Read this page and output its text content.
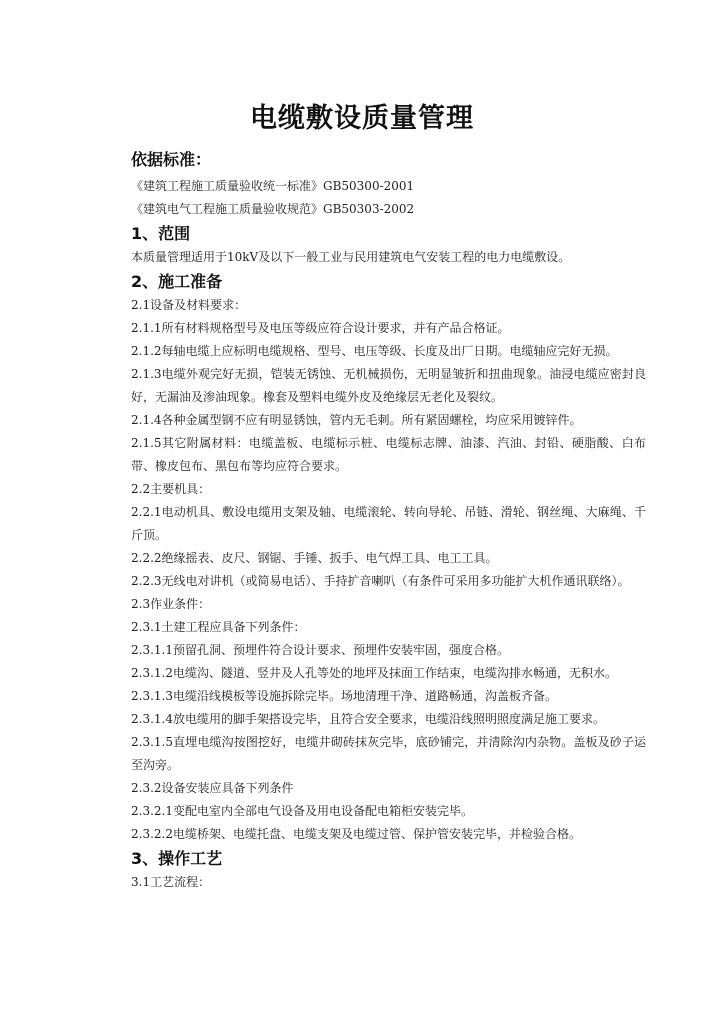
电缆敷设质量管理
依据标准：
《建筑工程施工质量验收统一标准》GB50300-2001
《建筑电气工程施工质量验收规范》GB50303-2002
1、范围
本质量管理适用于10kV及以下一般工业与民用建筑电气安装工程的电力电缆敷设。
2、施工准备
2.1设备及材料要求：
2.1.1所有材料规格型号及电压等级应符合设计要求，并有产品合格证。
2.1.2每轴电缆上应标明电缆规格、型号、电压等级、长度及出厂日期。电缆轴应完好无损。
2.1.3电缆外观完好无损，铠装无锈蚀、无机械损伤，无明显皱折和扭曲现象。油浸电缆应密封良好，无漏油及渗油现象。橡套及塑料电缆外皮及绝缘层无老化及裂纹。
2.1.4各种金属型钢不应有明显锈蚀，管内无毛刺。所有紧固螺栓，均应采用镀锌件。
2.1.5其它附属材料：电缆盖板、电缆标示桩、电缆标志牌、油漆、汽油、封铅、硬脂酸、白布带、橡皮包布、黑包布等均应符合要求。
2.2主要机具：
2.2.1电动机具、敷设电缆用支架及轴、电缆滚轮、转向导轮、吊链、滑轮、钢丝绳、大麻绳、千斤顶。
2.2.2绝缘摇表、皮尺、钢锯、手锤、扳手、电气焊工具、电工工具。
2.2.3无线电对讲机（或简易电话）、手持扩音喇叭（有条件可采用多功能扩大机作通讯联络）。
2.3作业条件：
2.3.1土建工程应具备下列条件：
2.3.1.1预留孔洞、预埋件符合设计要求、预埋件安装牢固，强度合格。
2.3.1.2电缆沟、隧道、竖井及人孔等处的地坪及抹面工作结束，电缆沟排水畅通，无积水。
2.3.1.3电缆沿线模板等设施拆除完毕。场地清理干净、道路畅通，沟盖板齐备。
2.3.1.4放电缆用的脚手架搭设完毕，且符合安全要求，电缆沿线照明照度满足施工要求。
2.3.1.5直埋电缆沟按图挖好，电缆井砌砖抹灰完毕，底砂铺完，并清除沟内杂物。盖板及砂子运至沟旁。
2.3.2设备安装应具备下列条件
2.3.2.1变配电室内全部电气设备及用电设备配电箱柜安装完毕。
2.3.2.2电缆桥架、电缆托盘、电缆支架及电缆过管、保护管安装完毕，并检验合格。
3、操作工艺
3.1工艺流程：
